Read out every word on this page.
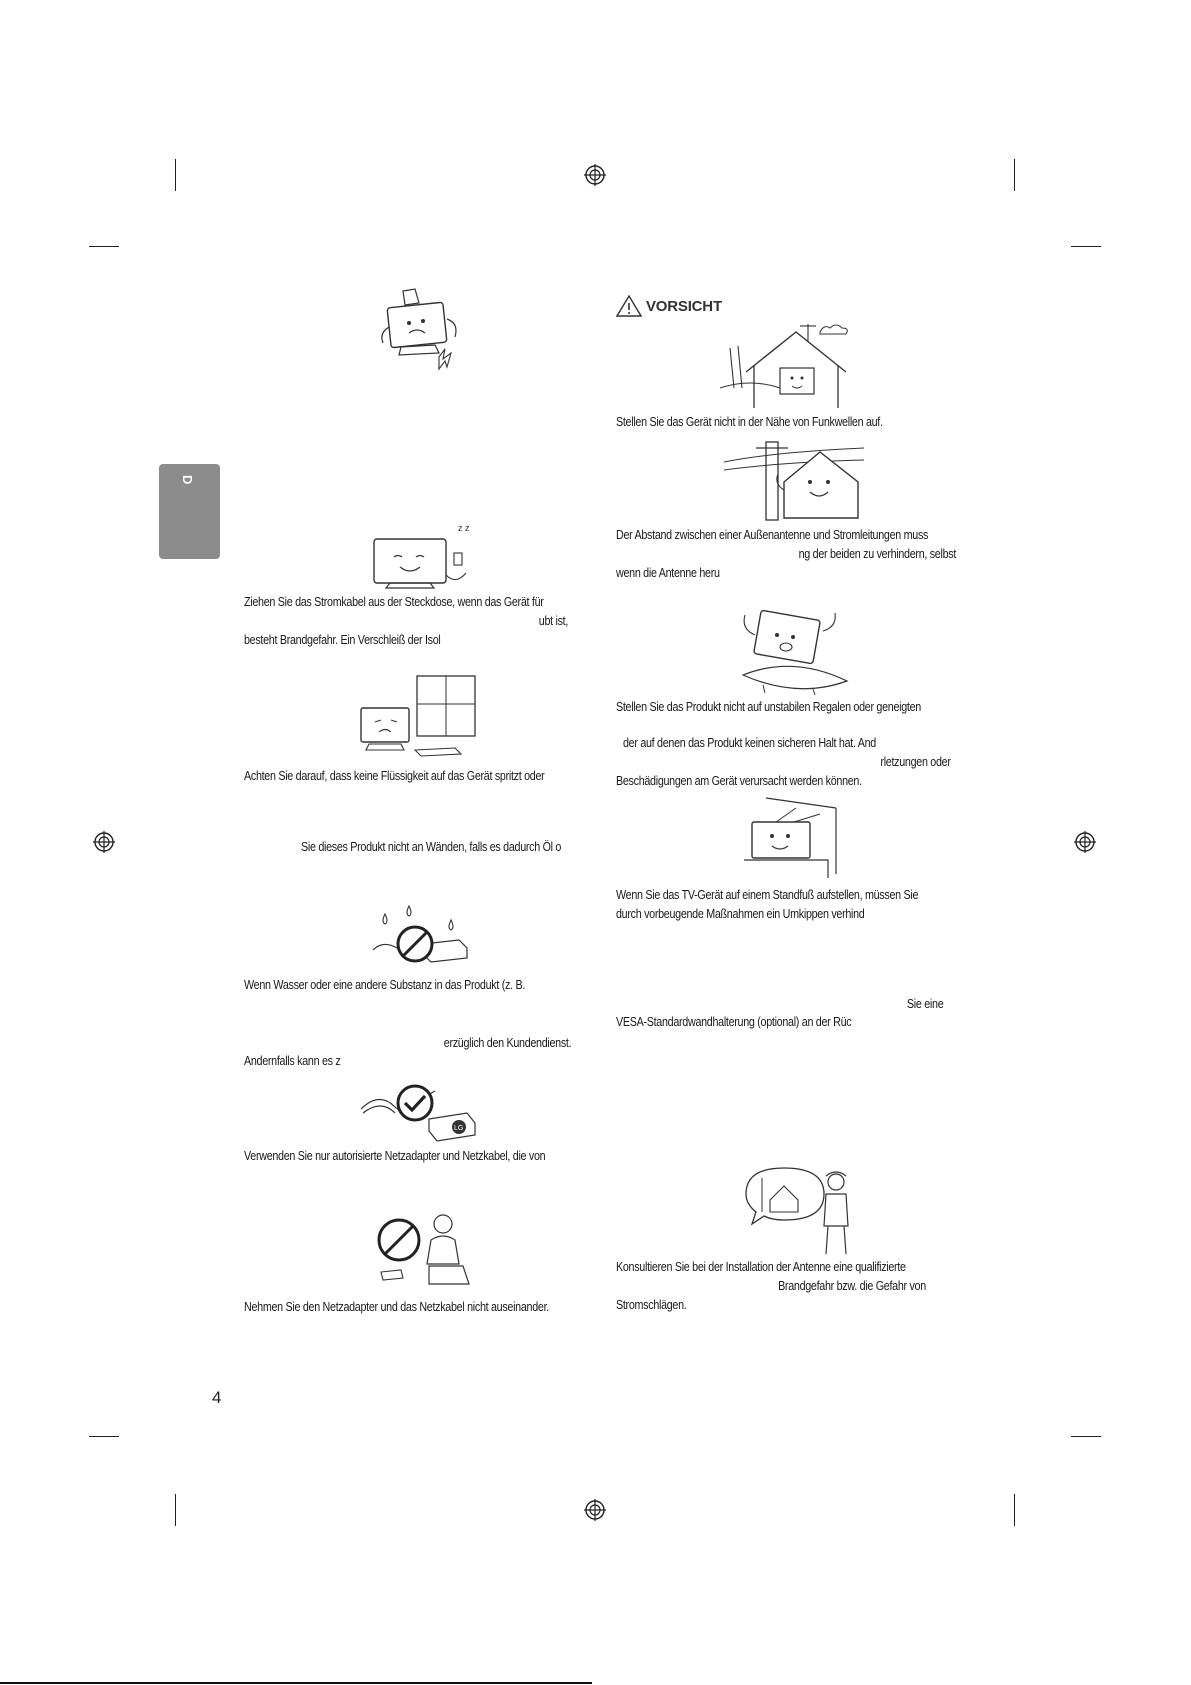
D
z z
Ziehen Sie das Stromkabel aus der Steckdose, wenn das Gerät für
ubt ist,
besteht Brandgefahr. Ein Verschleiß der Isol
Achten Sie darauf, dass keine Flüssigkeit auf das Gerät spritzt oder
Sie dieses Produkt nicht an Wänden, falls es dadurch Öl o
Wenn Wasser oder eine andere Substanz in das Produkt (z. B.
erzüglich den Kundendienst.
Andernfalls kann es z
LG
Verwenden Sie nur autorisierte Netzadapter und Netzkabel, die von
Nehmen Sie den Netzadapter und das Netzkabel nicht auseinander.
VORSICHT
Stellen Sie das Gerät nicht in der Nähe von Funkwellen auf.
Der Abstand zwischen einer Außenantenne und Stromleitungen muss
ng der beiden zu verhindern, selbst
wenn die Antenne heru
Stellen Sie das Produkt nicht auf unstabilen Regalen oder geneigten
der auf denen das Produkt keinen sicheren Halt hat. And
rletzungen oder
Beschädigungen am Gerät verursacht werden können.
Wenn Sie das TV-Gerät auf einem Standfuß aufstellen, müssen Sie
durch vorbeugende Maßnahmen ein Umkippen verhind
Sie eine
VESA-Standardwandhalterung (optional) an der Rüc
Konsultieren Sie bei der Installation der Antenne eine qualifizierte
Brandgefahr bzw. die Gefahr von
Stromschlägen.
4
